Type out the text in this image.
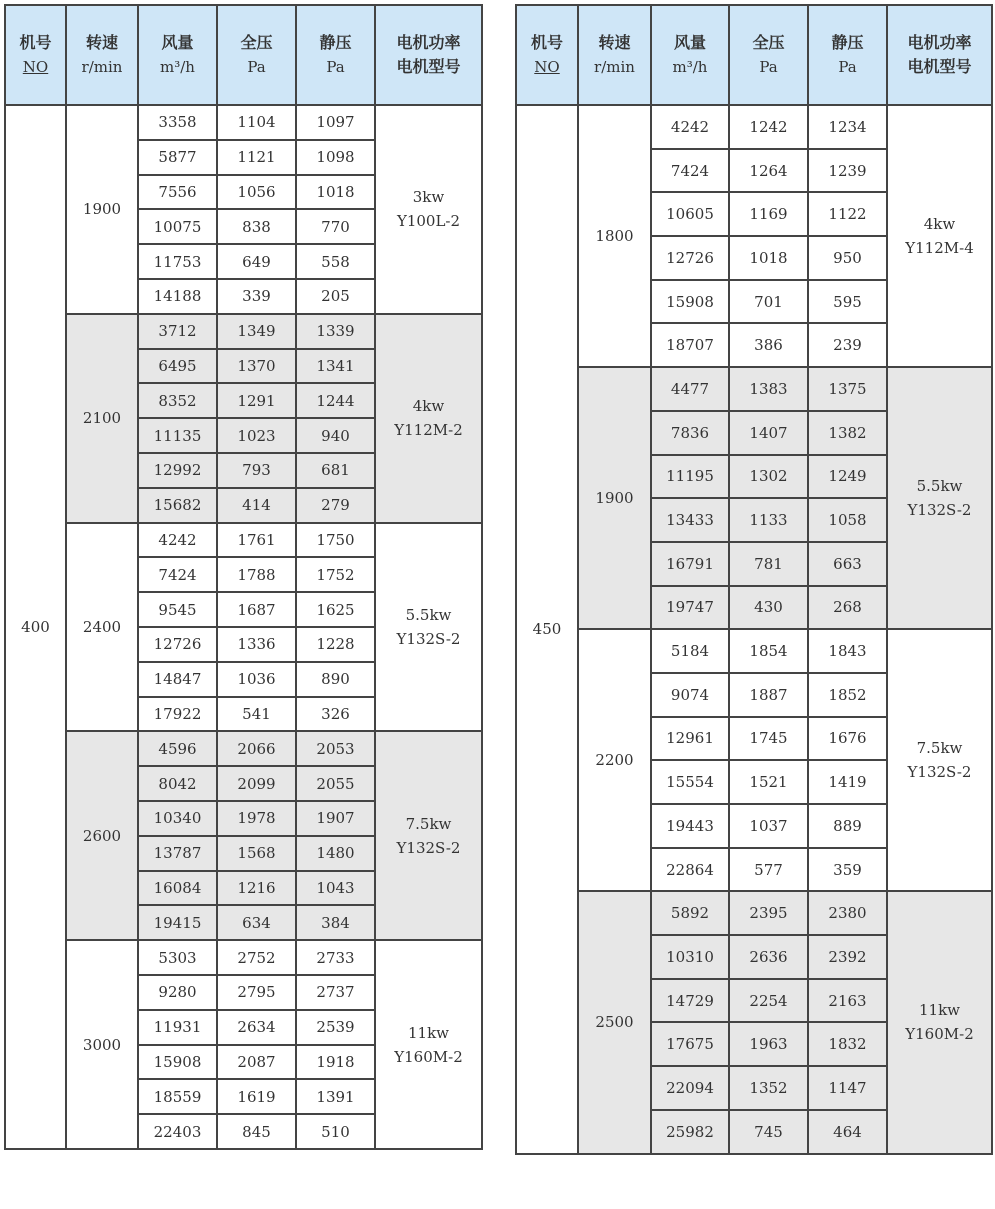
机号
NO	转速
r/min	风量
m³/h	全压
Pa	静压
Pa	电机功率
电机型号

400	1900	3358	1104	1097	3kw
Y100L-2

		5877	1121	1098	
		7556	1056	1018	
		10075	838	770	
		11753	649	558	
		14188	339	205	
	2100	3712	1349	1339	4kw
Y112M-2

		6495	1370	1341	
		8352	1291	1244	
		11135	1023	940	
		12992	793	681	
		15682	414	279	
	2400	4242	1761	1750	5.5kw
Y132S-2

		7424	1788	1752	
		9545	1687	1625	
		12726	1336	1228	
		14847	1036	890	
		17922	541	326	
	2600	4596	2066	2053	7.5kw
Y132S-2

		8042	2099	2055	
		10340	1978	1907	
		13787	1568	1480	
		16084	1216	1043	
		19415	634	384	
	3000	5303	2752	2733	11kw
Y160M-2

		9280	2795	2737	
		11931	2634	2539	
		15908	2087	1918	
		18559	1619	1391	
		22403	845	510	
机号
NO	转速
r/min	风量
m³/h	全压
Pa	静压
Pa	电机功率
电机型号

450	1800	4242	1242	1234	4kw
Y112M-4

		7424	1264	1239	
		10605	1169	1122	
		12726	1018	950	
		15908	701	595	
		18707	386	239	
	1900	4477	1383	1375	5.5kw
Y132S-2

		7836	1407	1382	
		11195	1302	1249	
		13433	1133	1058	
		16791	781	663	
		19747	430	268	
	2200	5184	1854	1843	7.5kw
Y132S-2

		9074	1887	1852	
		12961	1745	1676	
		15554	1521	1419	
		19443	1037	889	
		22864	577	359	
	2500	5892	2395	2380	11kw
Y160M-2

		10310	2636	2392	
		14729	2254	2163	
		17675	1963	1832	
		22094	1352	1147	
		25982	745	464	
